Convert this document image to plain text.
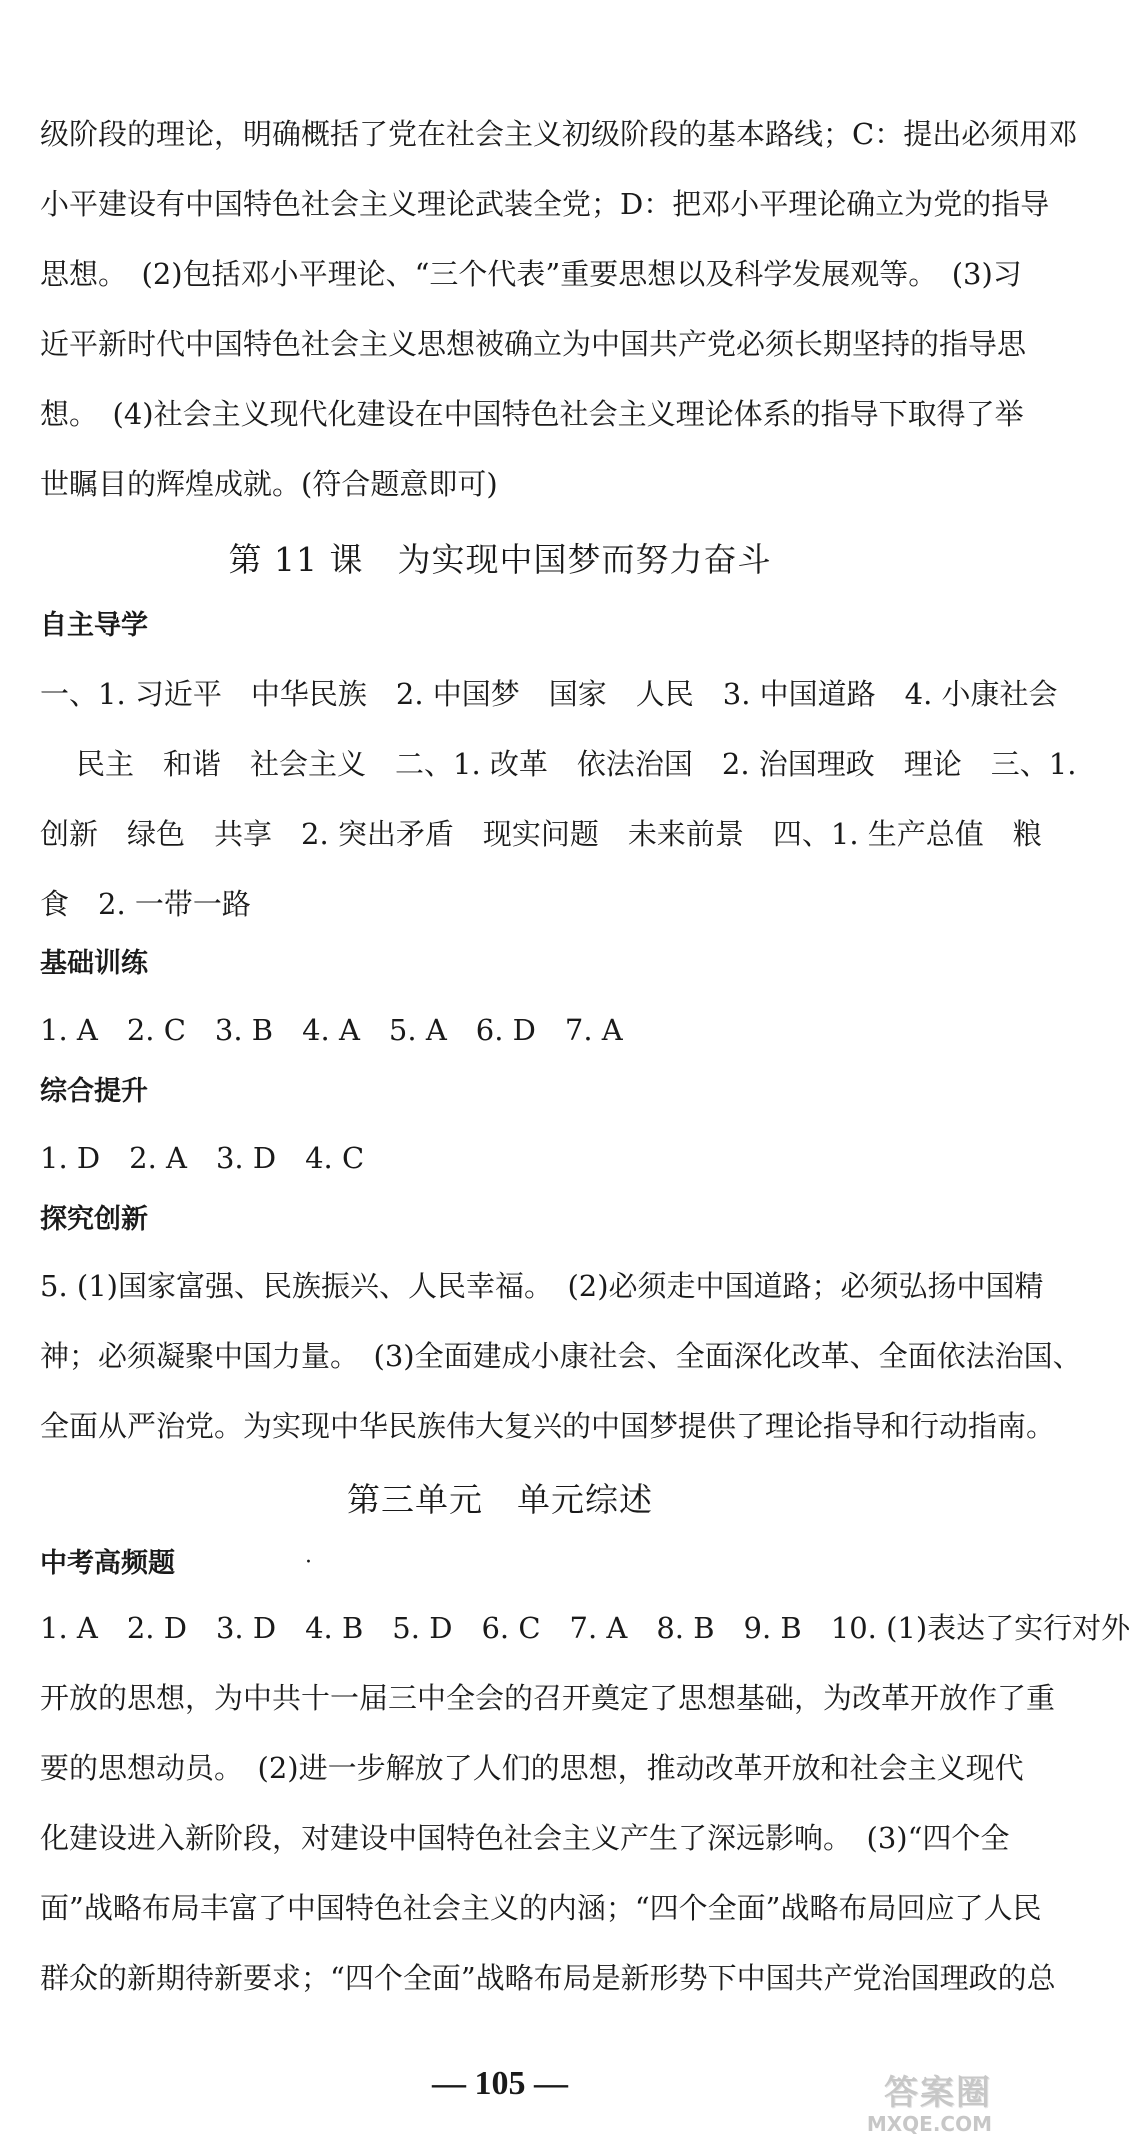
级阶段的理论，明确概括了党在社会主义初级阶段的基本路线；C：提出必须用邓
小平建设有中国特色社会主义理论武装全党；D：把邓小平理论确立为党的指导
思想。　(2)包括邓小平理论、“三个代表”重要思想以及科学发展观等。　(3)习
近平新时代中国特色社会主义思想被确立为中国共产党必须长期坚持的指导思
想。　(4)社会主义现代化建设在中国特色社会主义理论体系的指导下取得了举
世瞩目的辉煌成就。(符合题意即可)
第 11 课　为实现中国梦而努力奋斗
自主导学
一、1. 习近平　中华民族　2. 中国梦　国家　人民　3. 中国道路　4. 小康社会
民主　和谐　社会主义　二、1. 改革　依法治国　2. 治国理政　理论　三、1.
创新　绿色　共享　2. 突出矛盾　现实问题　未来前景　四、1. 生产总值　粮
食　2. 一带一路
基础训练
1. A　2. C　3. B　4. A　5. A　6. D　7. A
综合提升
1. D　2. A　3. D　4. C
探究创新
5. (1)国家富强、民族振兴、人民幸福。　(2)必须走中国道路；必须弘扬中国精
神；必须凝聚中国力量。　(3)全面建成小康社会、全面深化改革、全面依法治国、
全面从严治党。为实现中华民族伟大复兴的中国梦提供了理论指导和行动指南。
第三单元　单元综述
中考高频题	·
1. A　2. D　3. D　4. B　5. D　6. C　7. A　8. B　9. B　10. (1)表达了实行对外
开放的思想，为中共十一届三中全会的召开奠定了思想基础，为改革开放作了重
要的思想动员。　(2)进一步解放了人们的思想，推动改革开放和社会主义现代
化建设进入新阶段，对建设中国特色社会主义产生了深远影响。　(3)“四个全
面”战略布局丰富了中国特色社会主义的内涵；“四个全面”战略布局回应了人民
群众的新期待新要求；“四个全面”战略布局是新形势下中国共产党治国理政的总
— 105 —	答案圈
MXQE.COM
